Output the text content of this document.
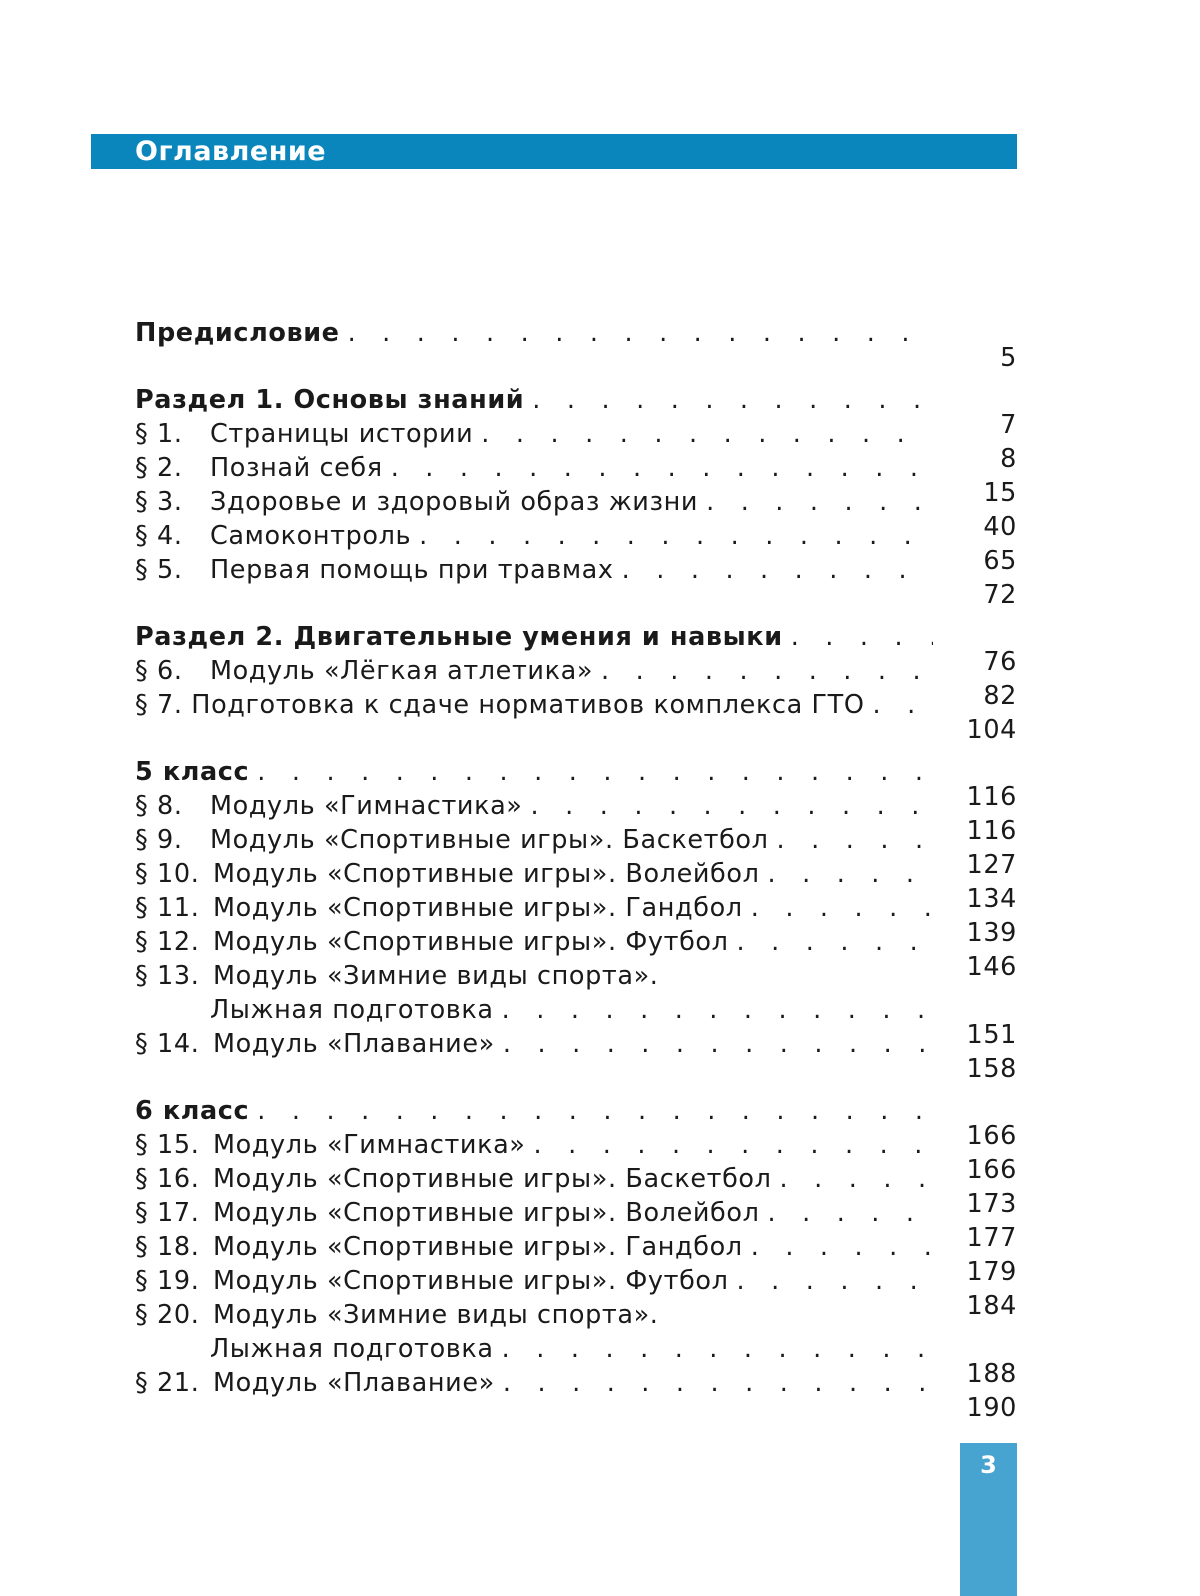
Оглавление
Предисловие
. . .
5
Раздел 1. Основы знаний
. . .
7
§ 1.	Страницы истории
. . .
8
§ 2.	Познай себя
. . .
15
§ 3.	Здоровье и здоровый образ жизни
. . .
40
§ 4.	Самоконтроль
. . .
65
§ 5.	Первая помощь при травмах
. . .
72
Раздел 2. Двигательные умения и навыки
. . .
76
§ 6.	Модуль «Лёгкая атлетика»
. . .
82
§ 7. Подготовка к сдаче нормативов комплекса ГТО
. . .
104
5 класс
. . .
116
§ 8.	Модуль «Гимнастика»
. . .
116
§ 9.	Модуль «Спортивные игры». Баскетбол
. . .
127
§ 10. Модуль «Спортивные игры». Волейбол
. . .
134
§ 11. Модуль «Спортивные игры». Гандбол
. . .
139
§ 12. Модуль «Спортивные игры». Футбол
. . .
146
§ 13. Модуль «Зимние виды спорта».
Лыжная подготовка
. . .
151
§ 14. Модуль «Плавание»
. . .
158
6 класс
. . .
166
§ 15. Модуль «Гимнастика»
. . .
166
§ 16. Модуль «Спортивные игры». Баскетбол
. . .
173
§ 17. Модуль «Спортивные игры». Волейбол
. . .
177
§ 18. Модуль «Спортивные игры». Гандбол
. . .
179
§ 19. Модуль «Спортивные игры». Футбол
. . .
184
§ 20. Модуль «Зимние виды спорта».
Лыжная подготовка
. . .
188
§ 21. Модуль «Плавание»
. . .
190
3
